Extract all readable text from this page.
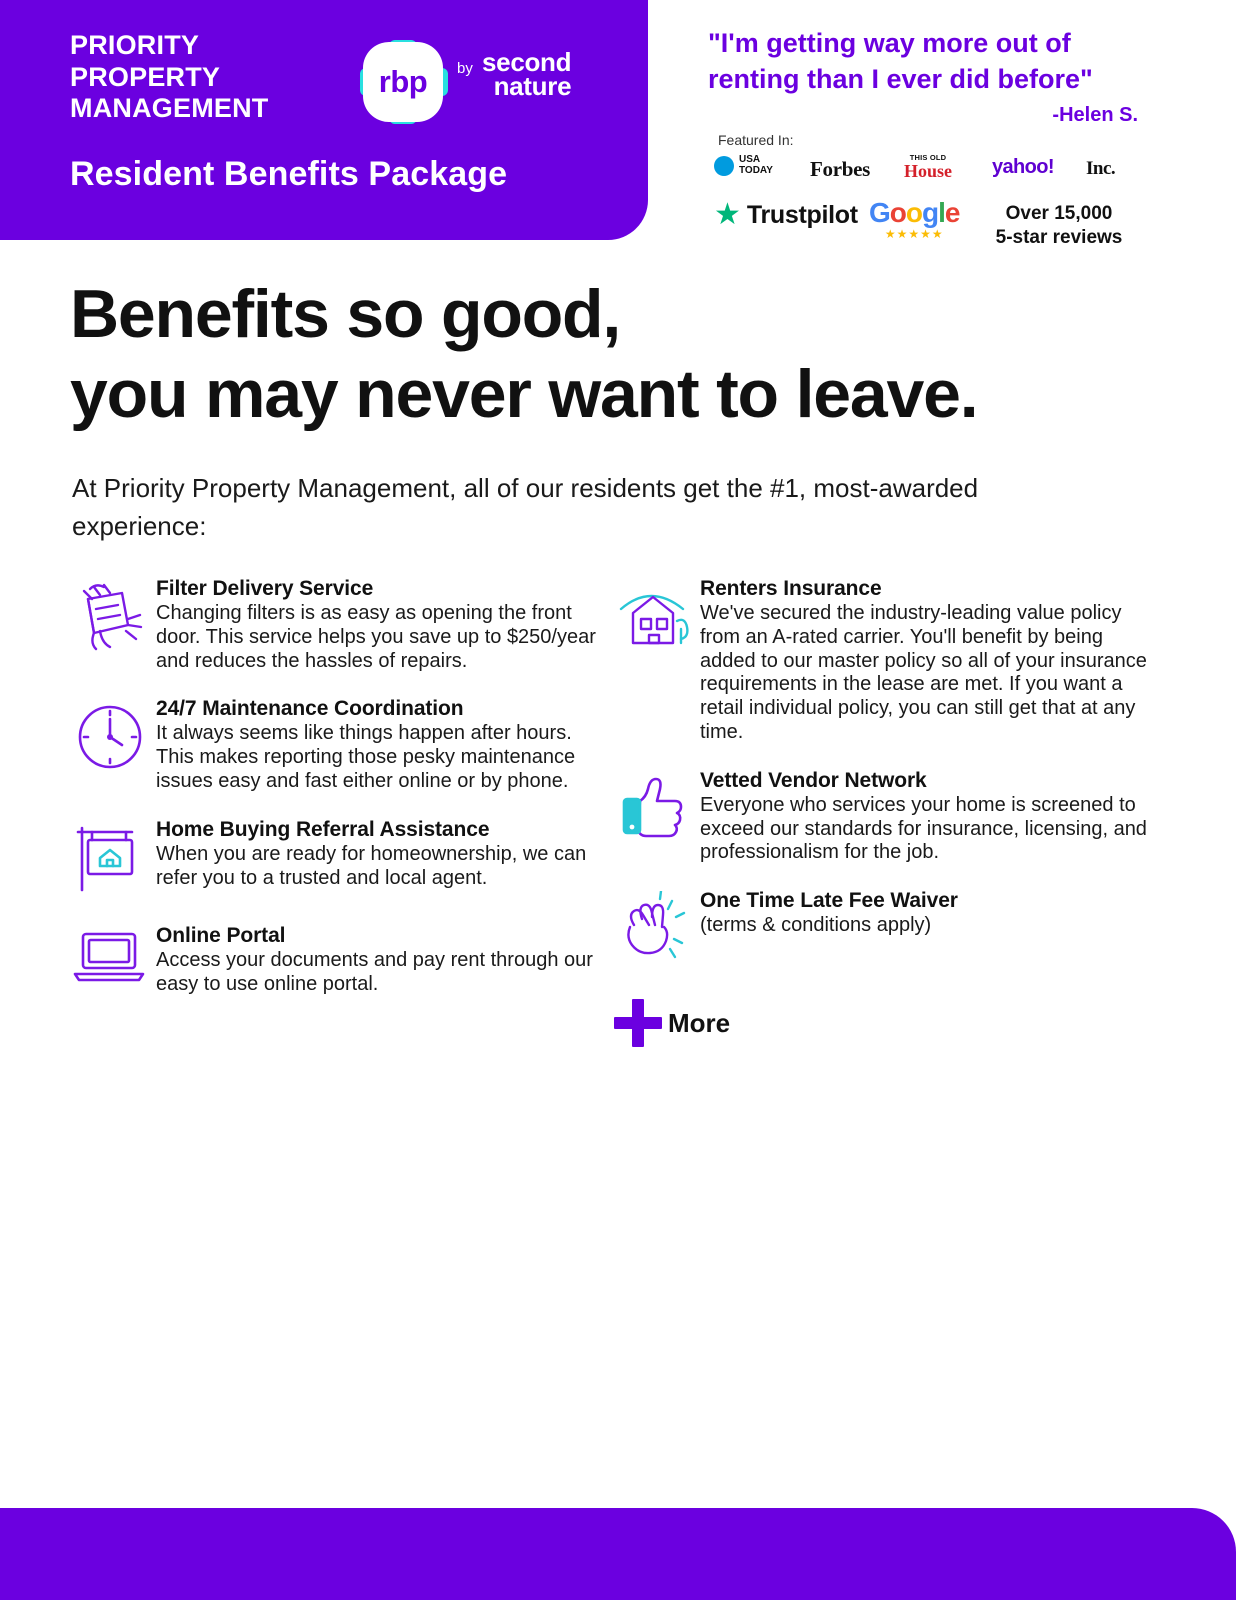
PRIORITY
PROPERTY
MANAGEMENT
rbp	by second
nature
Resident Benefits Package
"I'm getting way more out of renting than I ever did before"
-Helen S.
Featured In:
USA
TODAY Forbes	THIS OLD
House yahoo! Inc.
★ Trustpilot Google
★★★★★
Over 15,000
5-star reviews
Benefits so good,
you may never want to leave.
At Priority Property Management, all of our residents get the #1, most-awarded experience:
Filter Delivery Service
Changing filters is as easy as opening the front door. This service helps you save up to $250/year and reduces the hassles of repairs.
24/7 Maintenance Coordination
It always seems like things happen after hours. This makes reporting those pesky maintenance issues easy and fast either online or by phone.
Home Buying Referral Assistance
When you are ready for homeownership, we can refer you to a trusted and local agent.
Online Portal
Access your documents and pay rent through our easy to use online portal.
Renters Insurance
We've secured the industry-leading value policy from an A-rated carrier. You'll benefit by being added to our master policy so all of your insurance requirements in the lease are met. If you want a retail individual policy, you can still get that at any time.
Vetted Vendor Network
Everyone who services your home is screened to exceed our standards for insurance, licensing, and professionalism for the job.
One Time Late Fee Waiver
(terms & conditions apply)
More
